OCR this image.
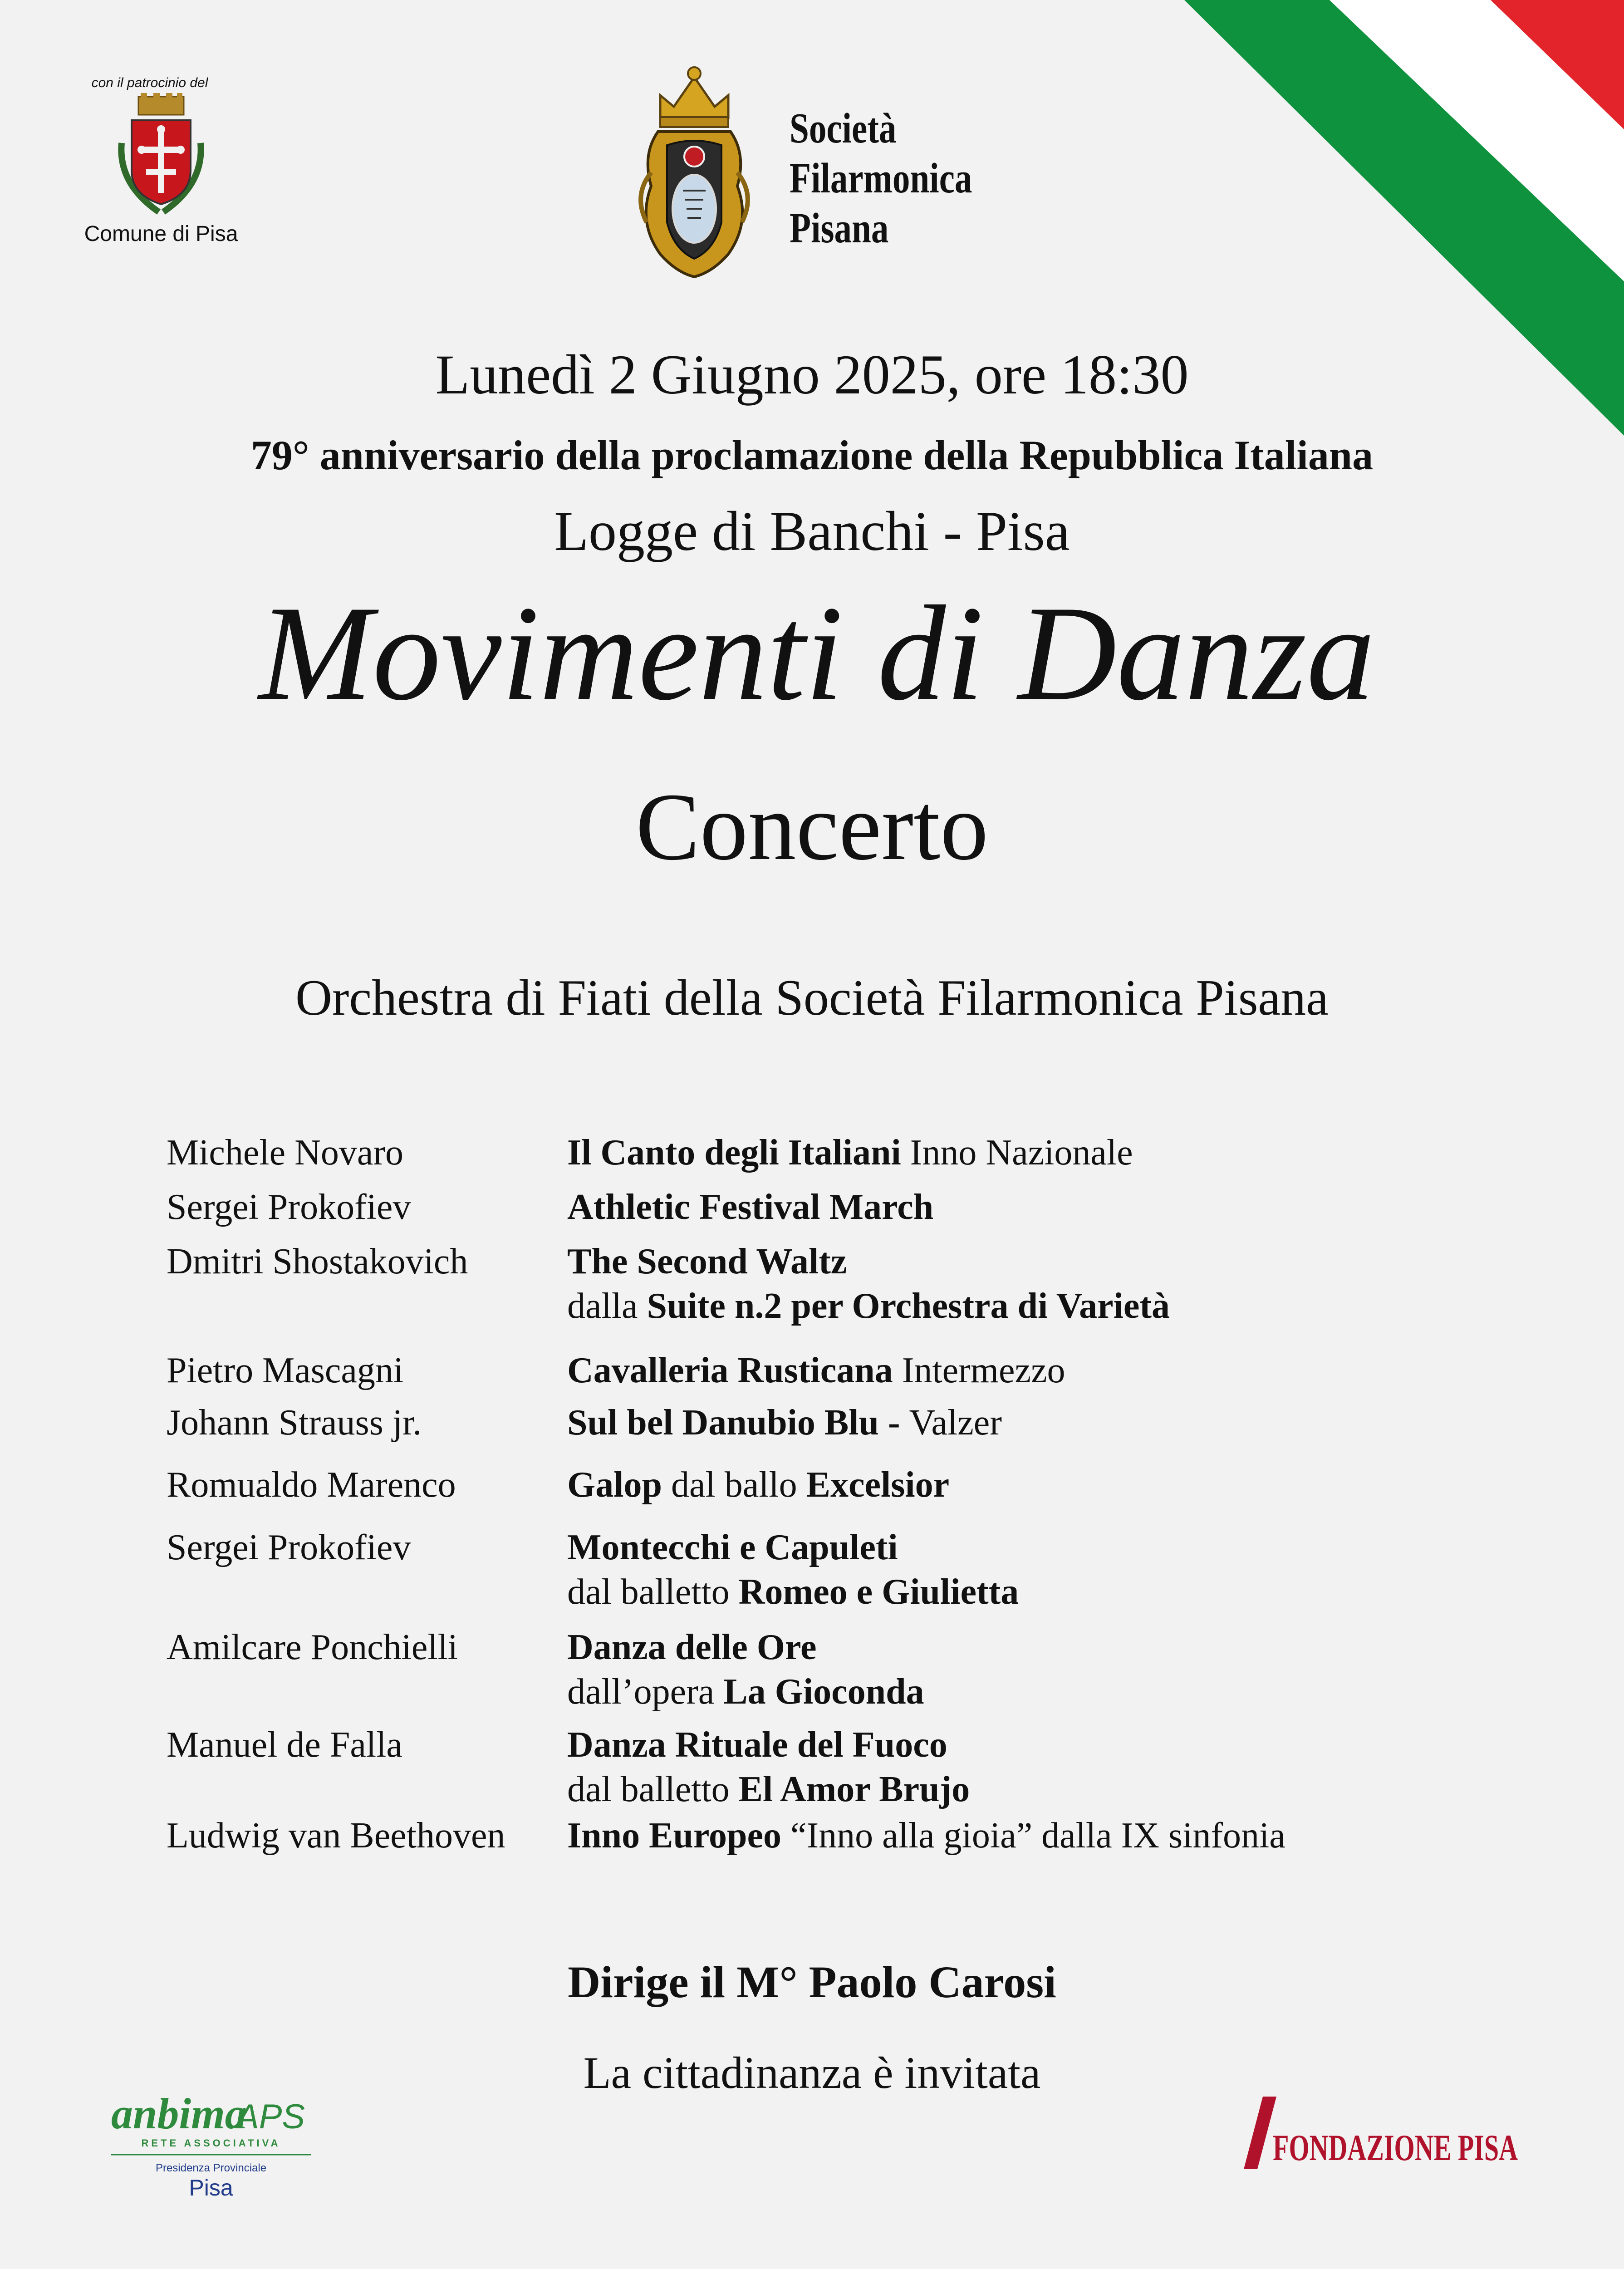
con il patrocinio del
Comune di Pisa
Società
Filarmonica
Pisana
Lunedì 2 Giugno 2025, ore 18:30
79° anniversario della proclamazione della Repubblica Italiana
Logge di Banchi - Pisa
Movimenti di Danza
Concerto
Orchestra di Fiati della Società Filarmonica Pisana
Michele Novaro	Il Canto degli Italiani Inno Nazionale
Sergei Prokofiev	Athletic Festival March
Dmitri Shostakovich	The Second Waltz
dalla Suite n.2 per Orchestra di Varietà
Pietro Mascagni	Cavalleria Rusticana Intermezzo
Johann Strauss jr.	Sul bel Danubio Blu - Valzer
Romualdo Marenco	Galop dal ballo Excelsior
Sergei Prokofiev	Montecchi e Capuleti
dal balletto Romeo e Giulietta
Amilcare Ponchielli	Danza delle Ore
dall’opera La Gioconda
Manuel de Falla	Danza Rituale del Fuoco
dal balletto El Amor Brujo
Ludwig van Beethoven Inno Europeo “Inno alla gioia” dalla IX sinfonia
Dirige il M° Paolo Carosi
La cittadinanza è invitata
anbima
APS
RETE ASSOCIATIVA
Presidenza Provinciale
Pisa
FONDAZIONE PISA
